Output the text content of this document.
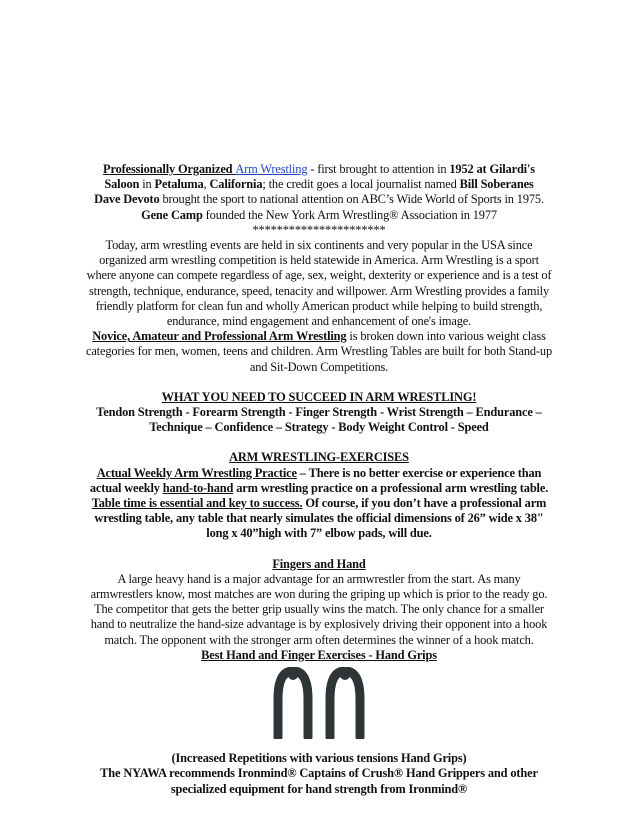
Professionally Organized Arm Wrestling - first brought to attention in 1952 at Gilardi's
Saloon in Petaluma, California; the credit goes a local journalist named Bill Soberanes
Dave Devoto brought the sport to national attention on ABC’s Wide World of Sports in 1975.
Gene Camp founded the New York Arm Wrestling® Association in 1977
**********************

Today, arm wrestling events are held in six continents and very popular in the USA since
organized arm wrestling competition is held statewide in America. Arm Wrestling is a sport
where anyone can compete regardless of age, sex, weight, dexterity or experience and is a test of
strength, technique, endurance, speed, tenacity and willpower. Arm Wrestling provides a family
friendly platform for clean fun and wholly American product while helping to build strength,
endurance, mind engagement and enhancement of one's image.

Novice, Amateur and Professional Arm Wrestling is broken down into various weight class
categories for men, women, teens and children. Arm Wrestling Tables are built for both Stand-up
and Sit-Down Competitions.

WHAT YOU NEED TO SUCCEED IN ARM WRESTLING!
Tendon Strength - Forearm Strength - Finger Strength - Wrist Strength – Endurance –
Technique – Confidence – Strategy - Body Weight Control - Speed

ARM WRESTLING-EXERCISES
Actual Weekly Arm Wrestling Practice – There is no better exercise or experience than
actual weekly hand-to-hand arm wrestling practice on a professional arm wrestling table.
Table time is essential and key to success. Of course, if you don’t have a professional arm
wrestling table, any table that nearly simulates the official dimensions of 26” wide x 38"
long x 40”high with 7” elbow pads, will due.

Fingers and Hand
A large heavy hand is a major advantage for an armwrestler from the start. As many
armwrestlers know, most matches are won during the griping up which is prior to the ready go.
The competitor that gets the better grip usually wins the match. The only chance for a smaller
hand to neutralize the hand-size advantage is by explosively driving their opponent into a hook
match. The opponent with the stronger arm often determines the winner of a hook match.
Best Hand and Finger Exercises - Hand Grips

(Increased Repetitions with various tensions Hand Grips)
The NYAWA recommends Ironmind® Captains of Crush® Hand Grippers and other
specialized equipment for hand strength from Ironmind®
